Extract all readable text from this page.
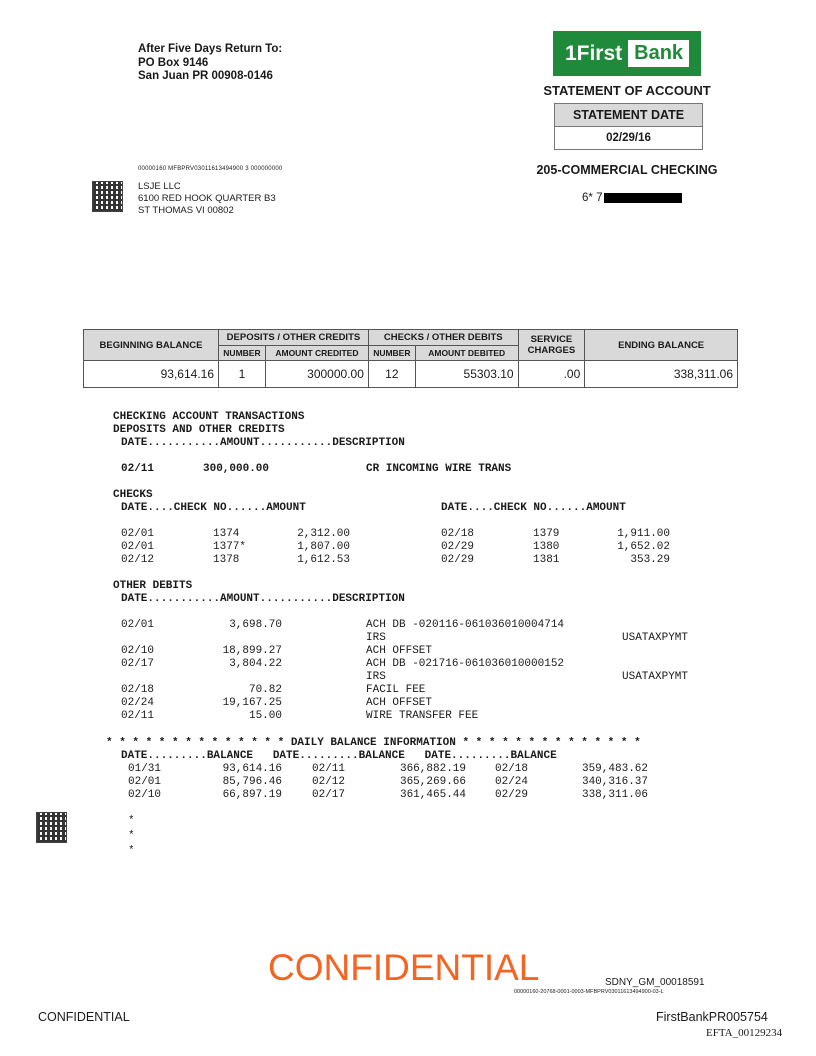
After Five Days Return To:
PO Box 9146
San Juan PR 00908-0146
1First Bank
STATEMENT OF ACCOUNT
STATEMENT DATE
02/29/16
205-COMMERCIAL CHECKING
6* 7
00000160 MFBPRV03011613494900 3 000000000
LSJE LLC
6100 RED HOOK QUARTER B3
ST THOMAS VI 00802
BEGINNING BALANCE	DEPOSITS / OTHER CREDITS		CHECKS / OTHER DEBITS		SERVICE CHARGES	ENDING BALANCE
	NUMBER	AMOUNT CREDITED	NUMBER	AMOUNT DEBITED		
93,614.16	1	300000.00	12	55303.10	.00	338,311.06
CHECKING ACCOUNT TRANSACTIONS
DEPOSITS AND OTHER CREDITS
DATE...........AMOUNT...........DESCRIPTION
02/11	300,000.00	CR INCOMING WIRE TRANS
CHECKS
DATE....CHECK NO......AMOUNT	DATE....CHECK NO......AMOUNT
02/01	1374	2,312.00	02/18	1379	1,911.00
02/01	1377*	1,807.00	02/29	1380	1,652.02
02/12	1378	1,612.53	02/29	1381	353.29
OTHER DEBITS
DATE...........AMOUNT...........DESCRIPTION
02/01	3,698.70	ACH DB -020116-061036010004714
IRS	USATAXPYMT
02/10	18,899.27	ACH OFFSET
02/17	3,804.22	ACH DB -021716-061036010000152
IRS	USATAXPYMT
02/18	70.82	FACIL FEE
02/24	19,167.25	ACH OFFSET
02/11	15.00	WIRE TRANSFER FEE
* * * * * * * * * * * * * * DAILY BALANCE INFORMATION * * * * * * * * * * * * * *
DATE.........BALANCE   DATE.........BALANCE   DATE.........BALANCE
01/31	93,614.16	02/11	366,882.19	02/18	359,483.62
02/01	85,796.46	02/12	365,269.66	02/24	340,316.37
02/10	66,897.19	02/17	361,465.44	02/29	338,311.06
*
*
*
CONFIDENTIAL	SDNY_GM_00018591
00000160-20768-0001-0003-MFBPRV03011613494900-03-L
CONFIDENTIAL	FirstBankPR005754
EFTA_00129234
